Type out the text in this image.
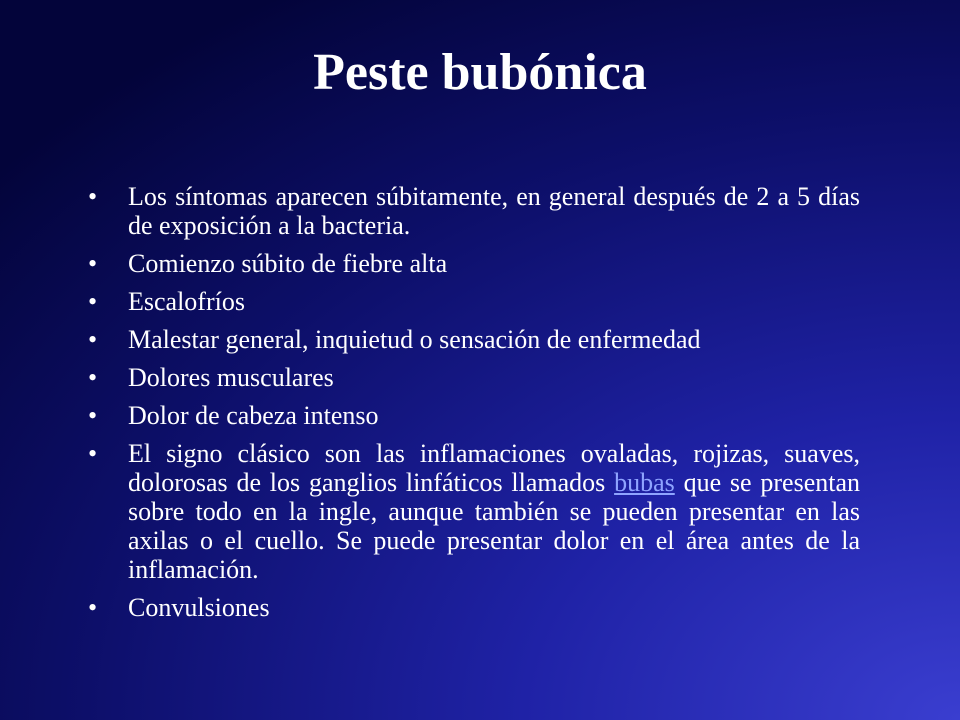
Peste bubónica
• Los síntomas aparecen súbitamente, en general después de 2 a 5 días de exposición a la bacteria.
• Comienzo súbito de fiebre alta
• Escalofríos
• Malestar general, inquietud o sensación de enfermedad
• Dolores musculares
• Dolor de cabeza intenso
• El signo clásico son las inflamaciones ovaladas, rojizas, suaves, dolorosas de los ganglios linfáticos llamados bubas que se presentan sobre todo en la ingle, aunque también se pueden presentar en las axilas o el cuello. Se puede presentar dolor en el área antes de la inflamación.
• Convulsiones
